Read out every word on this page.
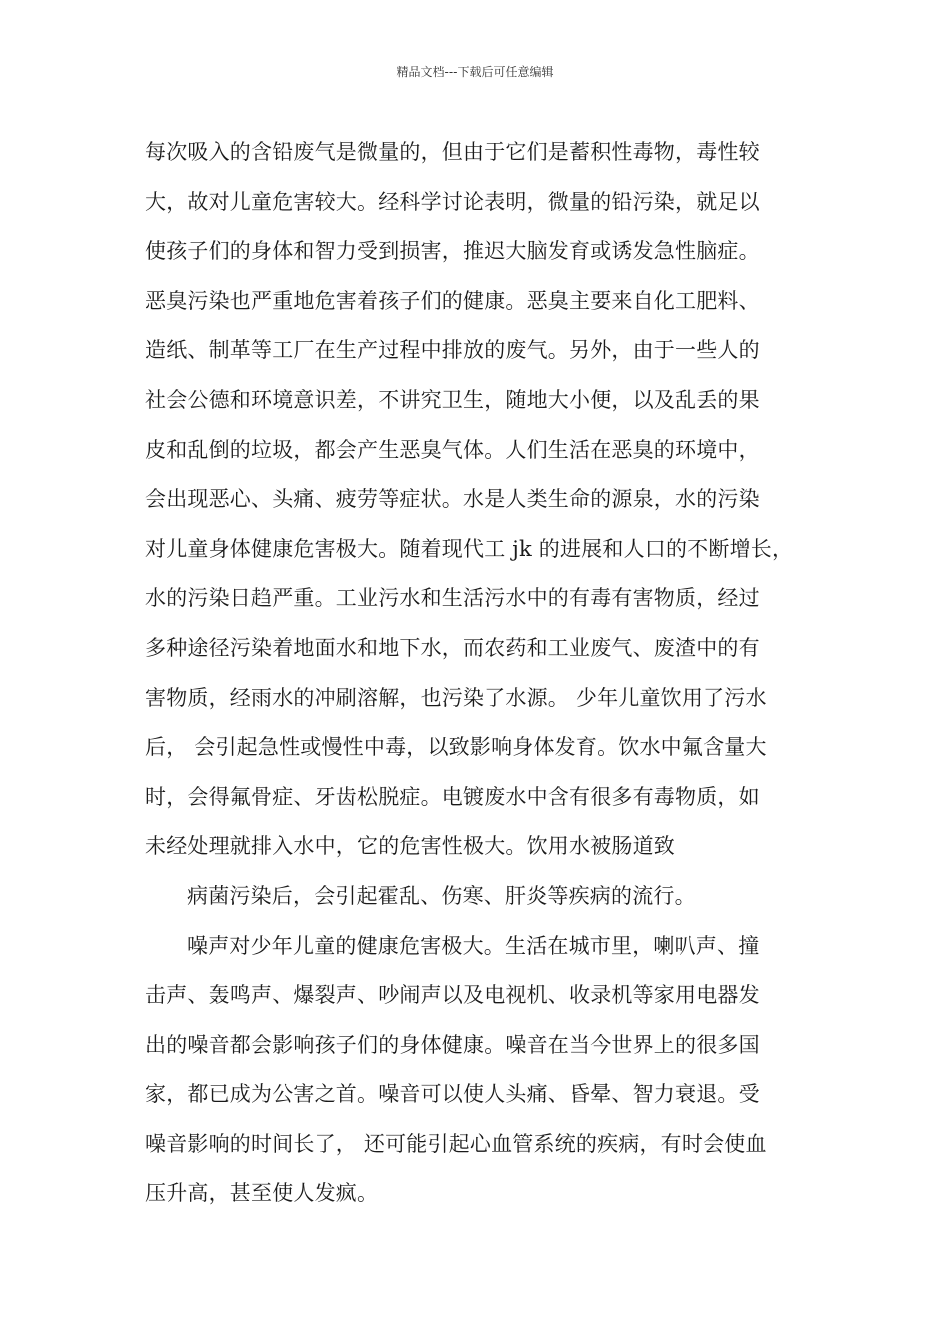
精品文档---下载后可任意编辑
每次吸入的含铅废气是微量的，但由于它们是蓄积性毒物，毒性较
大，故对儿童危害较大。经科学讨论表明，微量的铅污染，就足以
使孩子们的身体和智力受到损害，推迟大脑发育或诱发急性脑症。
恶臭污染也严重地危害着孩子们的健康。恶臭主要来自化工肥料、
造纸、制革等工厂在生产过程中排放的废气。另外，由于一些人的
社会公德和环境意识差，不讲究卫生，随地大小便，以及乱丢的果
皮和乱倒的垃圾，都会产生恶臭气体。人们生活在恶臭的环境中，
会出现恶心、头痛、疲劳等症状。水是人类生命的源泉，水的污染
对儿童身体健康危害极大。随着现代工 jk 的进展和人口的不断增长，
水的污染日趋严重。工业污水和生活污水中的有毒有害物质，经过
多种途径污染着地面水和地下水，而农药和工业废气、废渣中的有
害物质，经雨水的冲刷溶解，也污染了水源。 少年儿童饮用了污水
后， 会引起急性或慢性中毒，以致影响身体发育。饮水中氟含量大
时，会得氟骨症、牙齿松脱症。电镀废水中含有很多有毒物质，如
未经处理就排入水中，它的危害性极大。饮用水被肠道致
病菌污染后，会引起霍乱、伤寒、肝炎等疾病的流行。
噪声对少年儿童的健康危害极大。生活在城市里，喇叭声、撞
击声、轰鸣声、爆裂声、吵闹声以及电视机、收录机等家用电器发
出的噪音都会影响孩子们的身体健康。噪音在当今世界上的很多国
家，都已成为公害之首。噪音可以使人头痛、昏晕、智力衰退。受
噪音影响的时间长了， 还可能引起心血管系统的疾病，有时会使血
压升高，甚至使人发疯。
